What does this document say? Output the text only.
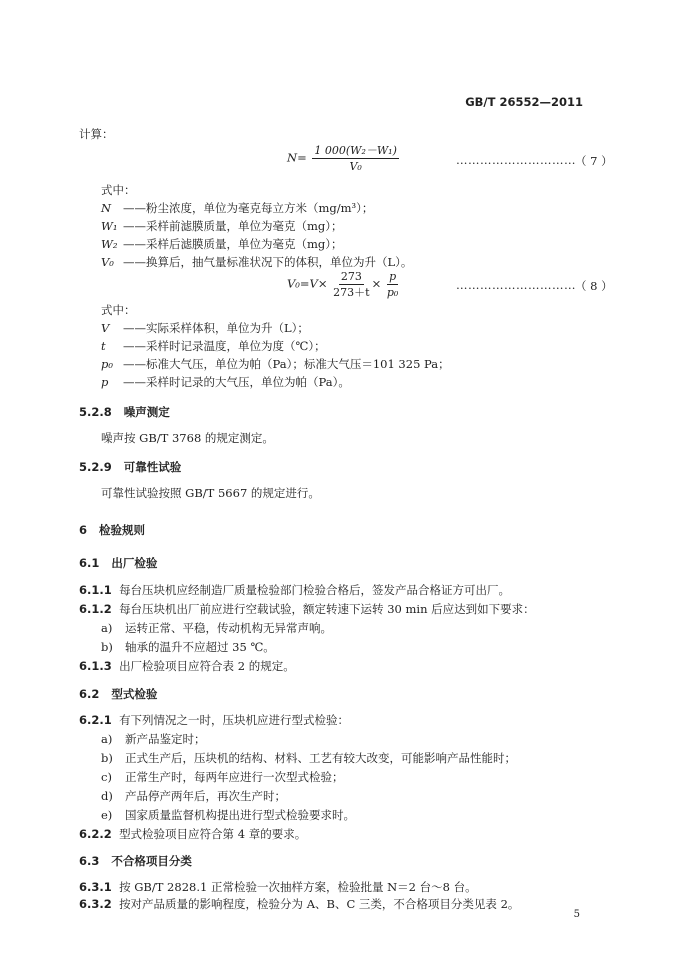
GB/T 26552—2011
计算：
$N= \frac{\text{1 000(W₂－W₁)}}{\text{V₀}}$	………………………… （ 7 ）
式中：
N ——粉尘浓度，单位为毫克每立方米（mg/m³）；
W₁ ——采样前滤膜质量，单位为毫克（mg）；
W₂ ——采样后滤膜质量，单位为毫克（mg）；
V₀ ——换算后，抽气量标准状况下的体积，单位为升（L）。
$V_0=V\times \frac{273}{273+t} \times \frac{p}{\text{p₀}}$	………………………… （ 8 ）
式中：
V ——实际采样体积，单位为升（L）；
t ——采样时记录温度，单位为度（℃）；
p₀ ——标准大气压，单位为帕（Pa）；标准大气压＝101 325 Pa；
p ——采样时记录的大气压，单位为帕（Pa）。
5.2.8 噪声测定
噪声按 GB/T 3768 的规定测定。
5.2.9 可靠性试验
可靠性试验按照 GB/T 5667 的规定进行。
6 检验规则
6.1 出厂检验
6.1.1 每台压块机应经制造厂质量检验部门检验合格后，签发产品合格证方可出厂。
6.1.2 每台压块机出厂前应进行空载试验，额定转速下运转 30 min 后应达到如下要求：
a) 运转正常、平稳，传动机构无异常声响。
b) 轴承的温升不应超过 35 ℃。
6.1.3 出厂检验项目应符合表 2 的规定。
6.2 型式检验
6.2.1 有下列情况之一时，压块机应进行型式检验：
a) 新产品鉴定时；
b) 正式生产后，压块机的结构、材料、工艺有较大改变，可能影响产品性能时；
c) 正常生产时，每两年应进行一次型式检验；
d) 产品停产两年后，再次生产时；
e) 国家质量监督机构提出进行型式检验要求时。
6.2.2 型式检验项目应符合第 4 章的要求。
6.3 不合格项目分类
6.3.1 按 GB/T 2828.1 正常检验一次抽样方案，检验批量 N＝2 台～8 台。
6.3.2 按对产品质量的影响程度，检验分为 A、B、C 三类，不合格项目分类见表 2。
5
